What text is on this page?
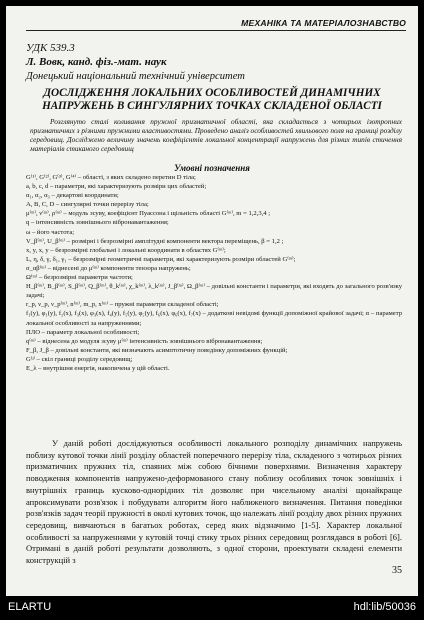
МЕХАНІКА ТА МАТЕРІАЛОЗНАВСТВО
УДК 539.3
Л. Вовк, канд. фіз.-мат. наук
Донецький національний технічний університет
ДОСЛІДЖЕННЯ ЛОКАЛЬНИХ ОСОБЛИВОСТЕЙ ДИНАМІЧНИХ НАПРУЖЕНЬ В СИНГУЛЯРНИХ ТОЧКАХ СКЛАДЕНОЇ ОБЛАСТІ
Розглянуто сталі коливання пружної призматичної області, яка складається з чотирьох ізотропних призматичних з різними пружними властивостями. Проведено аналіз особливостей хвильового поля на границі розділу середовищ. Досліджено величину значень коефіцієнтів локальної концентрації напружень для різних типів стичення матеріалів стиканого середовищ
Умовні позначення
G⁽¹⁾, G⁽²⁾, G⁽³⁾, G⁽⁴⁾ – області, з яких складено перетин D тіла;
a, b, c, d – параметри, які характеризують розміри цих областей;
α₁, α₂, α₃ – декартові координати;
A, B, C, D – сингулярні точки перерізу тіла;
μ⁽ᵐ⁾, ν⁽ᵐ⁾, ρ⁽ᵐ⁾ – модуль зсуву, коефіцієнт Пуассона і щільність області G⁽ᵐ⁾, m = 1,2,3,4 ;
q – інтенсивність зовнішнього вібронавантаження;
ω – його частота;
V_β⁽ᵐ⁾, U_β⁽ᵐ⁾ – розмірні і безрозмірні амплітудні компоненти вектора переміщень, β = 1,2 ;
x, y, x, y – безрозмірні глобальні і локальні координати в областях G⁽ᵐ⁾;
L, η, δ, γ, δ₁, γ₁ – безрозмірні геометричні параметри, які характеризують розміри областей G⁽ᵐ⁾;
σ_αβ⁽ᵐ⁾ – віднесені до μ⁽ᵐ⁾ компоненти тензора напружень;
Ω⁽ᵐ⁾ – безрозмірні параметри частоти;
H_β⁽ᵐ⁾, B_β⁽ᵐ⁾, S_β⁽ᵐ⁾, Q_β⁽ᵐ⁾, θ_k⁽ᵐ⁾, χ_k⁽ᵐ⁾, λ_k⁽ᵐ⁾, J_β⁽ᵐ⁾, Ω_β⁽ᵐ⁾ – довільні константи і параметри, які входять до загального розв'язку задачі;
r_p, ν_p, ν_p⁽ᵐ⁾, n⁽ᵐ⁾, m_p, x⁽ᵐ⁾ – пружні параметри складеної області;
f₁(y), φ₁(y), f₂(x), f₃(x), φ₃(x), f₄(y), f₅(y), φ₅(y), f₆(x), φ₆(x), f₇(x) – додаткові невідомі функції допоміжної крайової задачі; α – параметр локальної особливості за напруженнями;
ПЛО – параметр локальної особливості;
q⁽ᵐ⁾ – віднесена до модуля зсуву μ⁽ᵐ⁾ інтенсивність зовнішнього вібронавантаження;
F_β, J_β – довільні константи, які визначають асимптотичну поведінку допоміжних функцій;
G⁽ʲ⁾ – скіл границі розділу середовищ;
E_λ – внутрішня енергія, накопичена у цій області.
У даній роботі досліджуються особливості локального розподілу динамічних напружень поблизу кутової точки лінії розділу областей поперечного перерізу тіла, складеного з чотирьох різних призматичних пружних тіл, спаяних між собою бічними поверхнями. Визначення характеру поводження компонентів напружено-деформованого стану поблизу особливих точок зовнішніх і внутрішніх границь кусково-однорідних тіл дозволяє при чисельному аналізі щонайкраще апроксимувати розв'язок і побудувати алгоритм його наближеного визначення. Питання поведінки розв'язків задач теорії пружності в околі кутових точок, що належать лінії розділу двох різних пружних середовищ, вивчаються в багатьох роботах, серед яких відзначимо [1-5]. Характер локальної особливості за напруженнями у кутовій точці стику трьох різних середовищ розглядався в роботі [6]. Отримані в даній роботі результати дозволяють, з одної сторони, проектувати складені елементи конструкцій з
35
ELARTU	hdl:lib/50036
